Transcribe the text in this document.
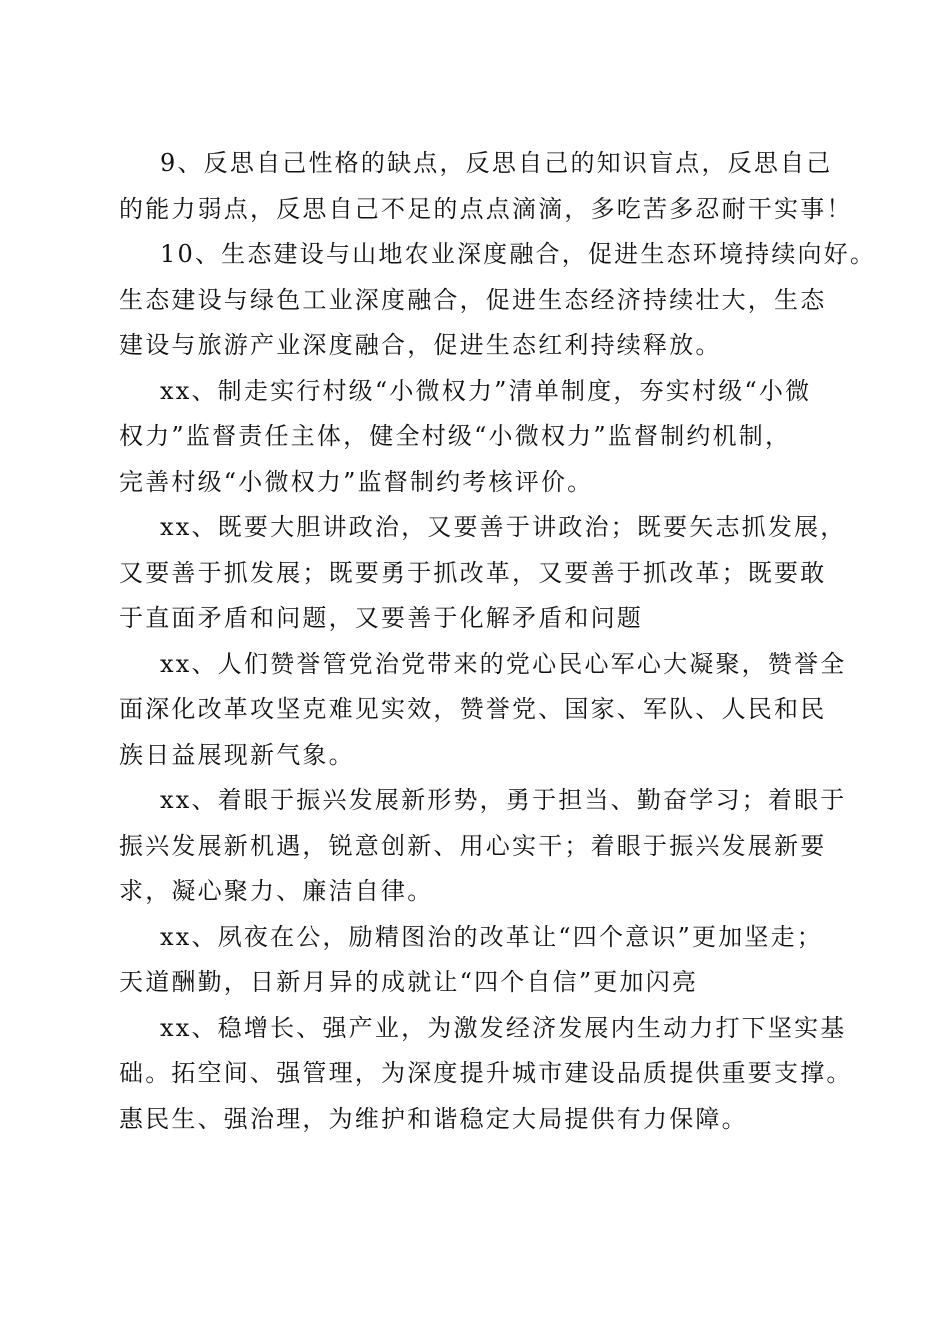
9、反思自己性格的缺点，反思自己的知识盲点，反思自己
的能力弱点，反思自己不足的点点滴滴，多吃苦多忍耐干实事！
10、生态建设与山地农业深度融合，促进生态环境持续向好。
生态建设与绿色工业深度融合，促进生态经济持续壮大，生态
建设与旅游产业深度融合，促进生态红利持续释放。
xx、制走实行村级“小微权力”清单制度，夯实村级“小微
权力”监督责任主体，健全村级“小微权力”监督制约机制，
完善村级“小微权力”监督制约考核评价。
xx、既要大胆讲政治，又要善于讲政治；既要矢志抓发展，
又要善于抓发展；既要勇于抓改革，又要善于抓改革；既要敢
于直面矛盾和问题，又要善于化解矛盾和问题
xx、人们赞誉管党治党带来的党心民心军心大凝聚，赞誉全
面深化改革攻坚克难见实效，赞誉党、国家、军队、人民和民
族日益展现新气象。
xx、着眼于振兴发展新形势，勇于担当、勤奋学习；着眼于
振兴发展新机遇，锐意创新、用心实干；着眼于振兴发展新要
求，凝心聚力、廉洁自律。
xx、夙夜在公，励精图治的改革让“四个意识”更加坚走；
天道酬勤，日新月异的成就让“四个自信”更加闪亮
xx、稳增长、强产业，为激发经济发展内生动力打下坚实基
础。拓空间、强管理，为深度提升城市建设品质提供重要支撑。
惠民生、强治理，为维护和谐稳定大局提供有力保障。
